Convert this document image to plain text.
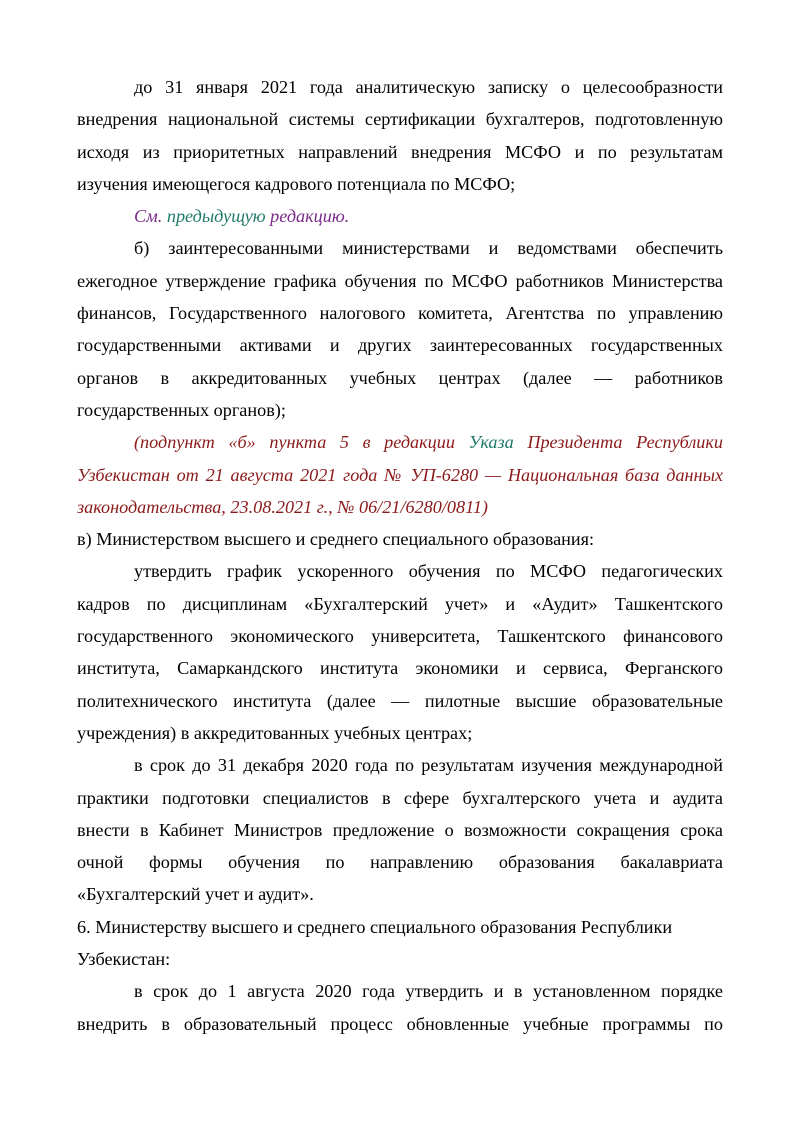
до 31 января 2021 года аналитическую записку о целесообразности

внедрения национальной системы сертификации бухгалтеров, подготовленную

исходя из приоритетных направлений внедрения МСФО и по результатам

изучения имеющегося кадрового потенциала по МСФО;

См. предыдущую редакцию.

б) заинтересованными министерствами и ведомствами обеспечить

ежегодное утверждение графика обучения по МСФО работников Министерства

финансов, Государственного налогового комитета, Агентства по управлению

государственными активами и других заинтересованных государственных

органов в аккредитованных учебных центрах (далее — работников

государственных органов);

(подпункт «б» пункта 5 в редакции Указа Президента Республики

Узбекистан от 21 августа 2021 года № УП-6280 — Национальная база данных

законодательства, 23.08.2021 г., № 06/21/6280/0811)

в) Министерством высшего и среднего специального образования:

утвердить график ускоренного обучения по МСФО педагогических

кадров по дисциплинам «Бухгалтерский учет» и «Аудит» Ташкентского

государственного экономического университета, Ташкентского финансового

института, Самаркандского института экономики и сервиса, Ферганского

политехнического института (далее — пилотные высшие образовательные

учреждения) в аккредитованных учебных центрах;

в срок до 31 декабря 2020 года по результатам изучения международной

практики подготовки специалистов в сфере бухгалтерского учета и аудита

внести в Кабинет Министров предложение о возможности сокращения срока

очной формы обучения по направлению образования бакалавриата

«Бухгалтерский учет и аудит».

6. Министерству высшего и среднего специального образования Республики

Узбекистан:

в срок до 1 августа 2020 года утвердить и в установленном порядке

внедрить в образовательный процесс обновленные учебные программы по
